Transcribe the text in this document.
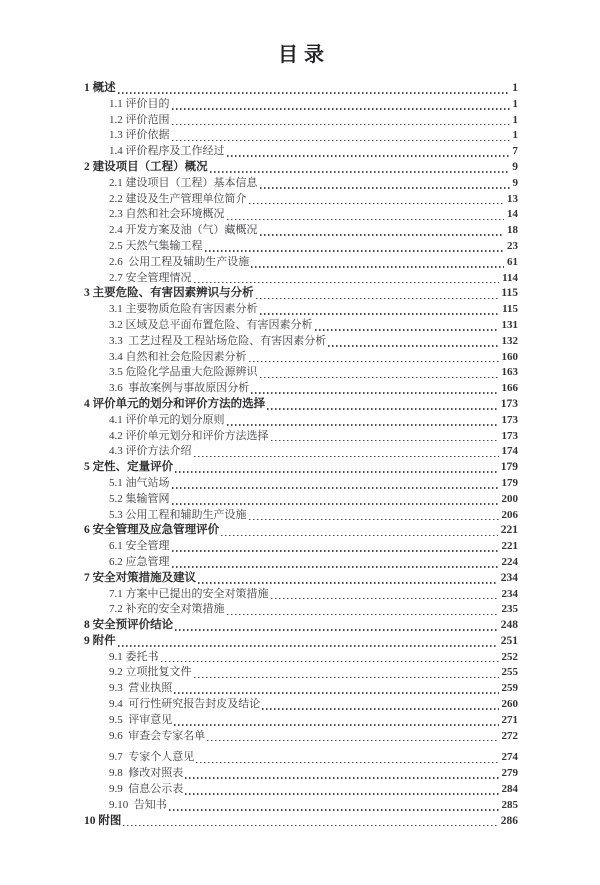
目录
1 概述	1
1.1 评价目的	1
1.2 评价范围	1
1.3 评价依据	1
1.4 评价程序及工作经过	7
2 建设项目（工程）概况	9
2.1 建设项目（工程）基本信息	9
2.2 建设及生产管理单位简介	13
2.3 自然和社会环境概况	14
2.4 开发方案及油（气）藏概况	18
2.5 天然气集输工程	23
2.6  公用工程及辅助生产设施	61
2.7 安全管理情况	114
3 主要危险、有害因素辨识与分析	115
3.1 主要物质危险有害因素分析	115
3.2 区域及总平面布置危险、有害因素分析	131
3.3  工艺过程及工程站场危险、有害因素分析	132
3.4 自然和社会危险因素分析	160
3.5 危险化学品重大危险源辨识	163
3.6  事故案例与事故原因分析	166
4 评价单元的划分和评价方法的选择	173
4.1 评价单元的划分原则	173
4.2 评价单元划分和评价方法选择	173
4.3 评价方法介绍	174
5 定性、定量评价	179
5.1 油气站场	179
5.2 集输管网	200
5.3 公用工程和辅助生产设施	206
6 安全管理及应急管理评价	221
6.1 安全管理	221
6.2 应急管理	224
7 安全对策措施及建议	234
7.1 方案中已提出的安全对策措施	234
7.2 补充的安全对策措施	235
8 安全预评价结论	248
9 附件	251
9.1 委托书	252
9.2 立项批复文件	255
9.3  营业执照	259
9.4  可行性研究报告封皮及结论	260
9.5  评审意见	271
9.6  审查会专家名单	272
9.7  专家个人意见	274
9.8  修改对照表	279
9.9  信息公示表	284
9.10  告知书	285
10 附图	286
